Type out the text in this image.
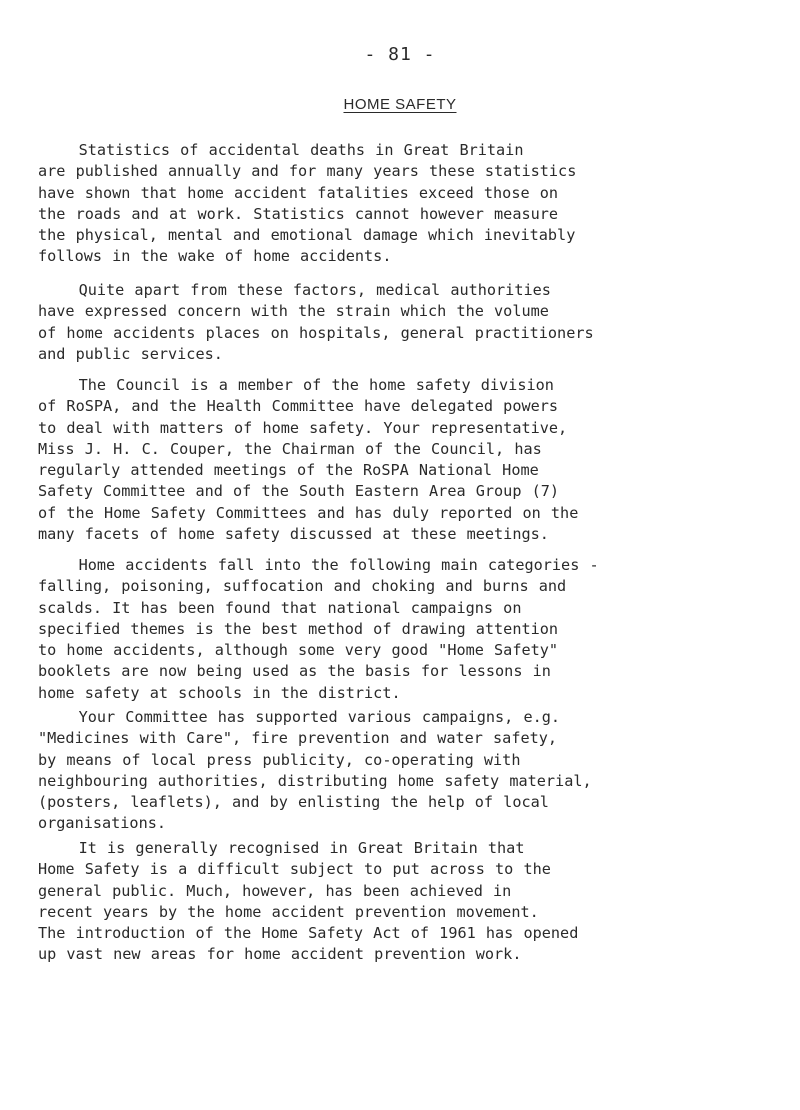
- 81 -
HOME SAFETY
Statistics of accidental deaths in Great Britain
are published annually and for many years these statistics
have shown that home accident fatalities exceed those on
the roads and at work. Statistics cannot however measure
the physical, mental and emotional damage which inevitably
follows in the wake of home accidents.
Quite apart from these factors, medical authorities
have expressed concern with the strain which the volume
of home accidents places on hospitals, general practitioners
and public services.
The Council is a member of the home safety division
of RoSPA, and the Health Committee have delegated powers
to deal with matters of home safety. Your representative,
Miss J. H. C. Couper, the Chairman of the Council, has
regularly attended meetings of the RoSPA National Home
Safety Committee and of the South Eastern Area Group (7)
of the Home Safety Committees and has duly reported on the
many facets of home safety discussed at these meetings.
Home accidents fall into the following main categories -
falling, poisoning, suffocation and choking and burns and
scalds. It has been found that national campaigns on
specified themes is the best method of drawing attention
to home accidents, although some very good "Home Safety"
booklets are now being used as the basis for lessons in
home safety at schools in the district.
Your Committee has supported various campaigns, e.g.
"Medicines with Care", fire prevention and water safety,
by means of local press publicity, co-operating with
neighbouring authorities, distributing home safety material,
(posters, leaflets), and by enlisting the help of local
organisations.
It is generally recognised in Great Britain that
Home Safety is a difficult subject to put across to the
general public. Much, however, has been achieved in
recent years by the home accident prevention movement.
The introduction of the Home Safety Act of 1961 has opened
up vast new areas for home accident prevention work.
